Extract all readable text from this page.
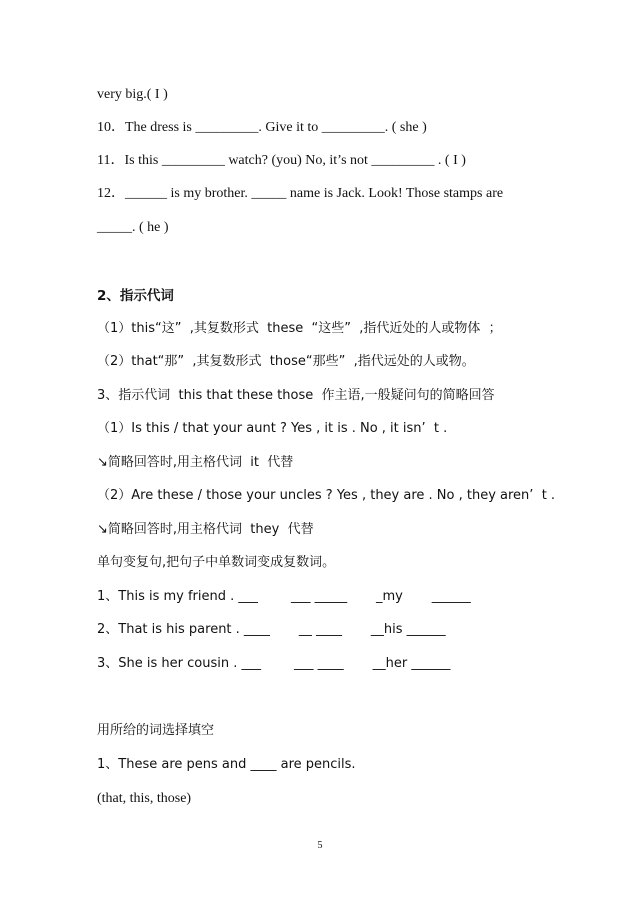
very big.( I )
10．The dress is _________. Give it to _________. ( she )
11．Is this _________ watch? (you) No, it’s not _________ . ( I )
12．______ is my brother. _____ name is Jack. Look! Those stamps are
_____. ( he )
2、指示代词
（1）this“这”  ,其复数形式  these  “这些”  ,指代近处的人或物体  ；
（2）that“那”  ,其复数形式  those“那些”  ,指代远处的人或物。
3、指示代词  this that these those  作主语,一般疑问句的简略回答
（1）Is this / that your aunt ? Yes , it is . No , it isn’  t .
↘简略回答时,用主格代词  it  代替
（2）Are these / those your uncles ? Yes , they are . No , they aren’  t .
↘简略回答时,用主格代词  they  代替
单句变复句,把句子中单数词变成复数词。
1、This is my friend . ___        ___ _____       _my       ______
2、That is his parent . ____       __ ____       __his ______
3、She is her cousin . ___        ___ ____       __her ______
用所给的词选择填空
1、These are pens and ____ are pencils.
(that, this, those)
5
